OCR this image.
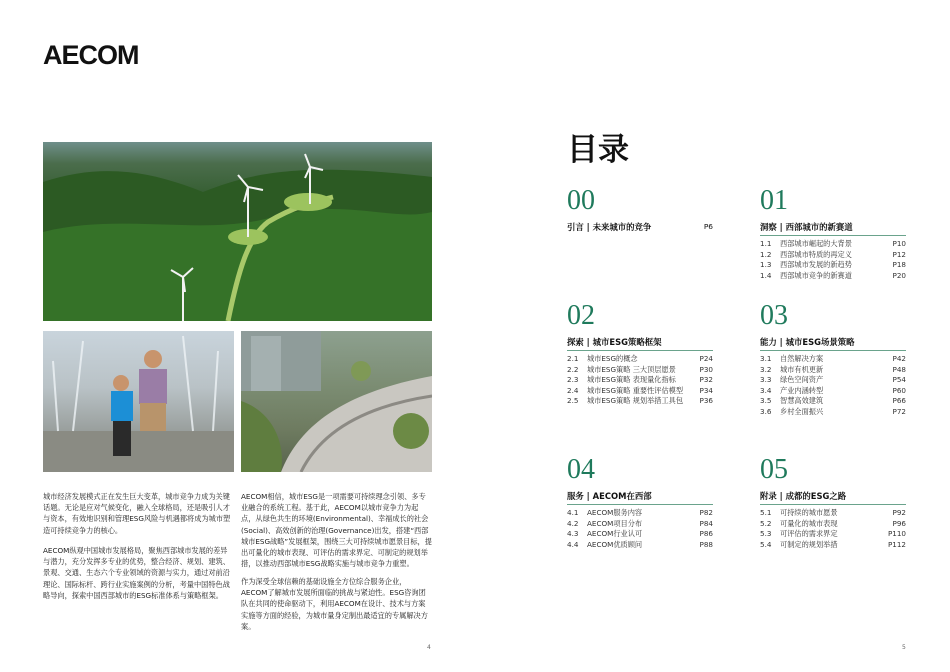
AECOM

城市经济发展模式正在发生巨大变革，城市竞争力成为关键话题。无论是应对气候变化，融入全球格局，还是吸引人才与资本，有效地识别和管理ESG风险与机遇都将成为城市塑造可持续竞争力的核心。

AECOM纵观中国城市发展格局，聚焦西部城市发展的差异与潜力，充分发挥多专业的优势，整合经济、规划、建筑、景观、交通、生态六个专业领域的资源与实力，通过对前沿理论、国际标杆、跨行业实施案例的分析，考量中国特色战略导向，探索中国西部城市的ESG标准体系与策略框架。

AECOM相信，城市ESG是一项需要可持续理念引领、多专业融合的系统工程。基于此，AECOM以城市竞争力为起点，从绿色共生的环境(Environmental)、幸福成长的社会(Social)、高效创新的治理(Governance)出发，搭建“西部城市ESG战略”发展框架，围绕三大可持续城市愿景目标，提出可量化的城市表现、可评估的需求界定、可制定的规划举措，以推动西部城市ESG战略实施与城市竞争力重塑。

作为深受全球信赖的基础设施全方位综合服务企业，AECOM了解城市发展所面临的挑战与紧迫性。ESG咨询团队在共同的使命驱动下，利用AECOM在设计、技术与方案实施等方面的经验，为城市量身定制出最适宜的专属解决方案。

目录
00
引言 | 未来城市的竞争	P6
01
洞察 | 西部城市的新赛道
1.1	西部城市崛起的大背景	P10
1.2	西部城市特质的再定义	P12
1.3	西部城市发展的新趋势	P18
1.4	西部城市竞争的新赛道	P20
02
探索 | 城市ESG策略框架
2.1	城市ESG的概念	P24
2.2	城市ESG策略 三大顶层愿景	P30
2.3	城市ESG策略 表现量化指标	P32
2.4	城市ESG策略 重要性评估模型	P34
2.5	城市ESG策略 规划举措工具包	P36
03
能力 | 城市ESG场景策略
3.1	自然解决方案	P42
3.2	城市有机更新	P48
3.3	绿色空间资产	P54
3.4	产业内涵转型	P60
3.5	智慧高效建筑	P66
3.6	乡村全面振兴	P72
04
服务 | AECOM在西部
4.1	AECOM服务内容	P82
4.2	AECOM项目分布	P84
4.3	AECOM行业认可	P86
4.4	AECOM优质顾问	P88
05
附录 | 成都的ESG之路
5.1	可持续的城市愿景	P92
5.2	可量化的城市表现	P96
5.3	可评估的需求界定	P110
5.4	可制定的规划举措	P112
4	5
